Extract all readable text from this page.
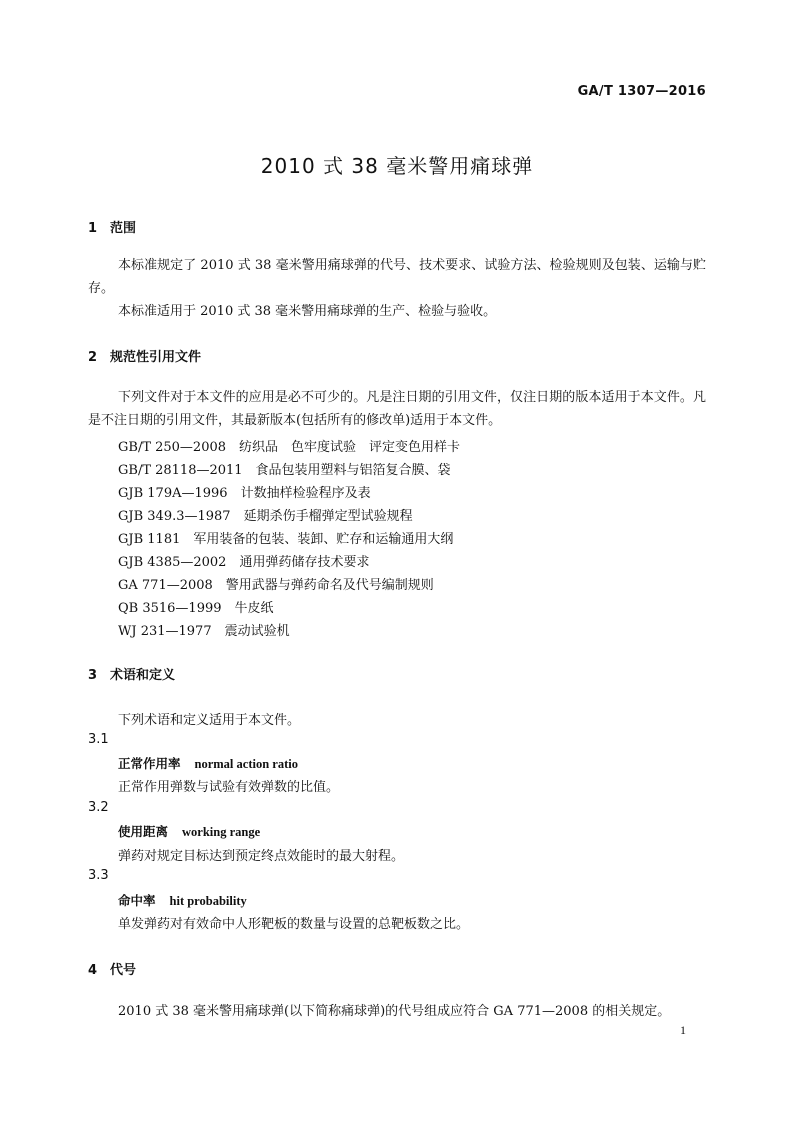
GA/T 1307—2016
2010 式 38 毫米警用痛球弹
1 范围
本标准规定了 2010 式 38 毫米警用痛球弹的代号、技术要求、试验方法、检验规则及包装、运输与贮存。
本标准适用于 2010 式 38 毫米警用痛球弹的生产、检验与验收。
2 规范性引用文件
下列文件对于本文件的应用是必不可少的。凡是注日期的引用文件，仅注日期的版本适用于本文件。凡是不注日期的引用文件，其最新版本(包括所有的修改单)适用于本文件。
GB/T 250—2008　纺织品　色牢度试验　评定变色用样卡
GB/T 28118—2011　食品包装用塑料与铝箔复合膜、袋
GJB 179A—1996　计数抽样检验程序及表
GJB 349.3—1987　延期杀伤手榴弹定型试验规程
GJB 1181　军用装备的包装、装卸、贮存和运输通用大纲
GJB 4385—2002　通用弹药储存技术要求
GA 771—2008　警用武器与弹药命名及代号编制规则
QB 3516—1999　牛皮纸
WJ 231—1977　震动试验机
3 术语和定义
下列术语和定义适用于本文件。
3.1
正常作用率 normal action ratio
正常作用弹数与试验有效弹数的比值。
3.2
使用距离 working range
弹药对规定目标达到预定终点效能时的最大射程。
3.3
命中率 hit probability
单发弹药对有效命中人形靶板的数量与设置的总靶板数之比。
4 代号
2010 式 38 毫米警用痛球弹(以下简称痛球弹)的代号组成应符合 GA 771—2008 的相关规定。
1
